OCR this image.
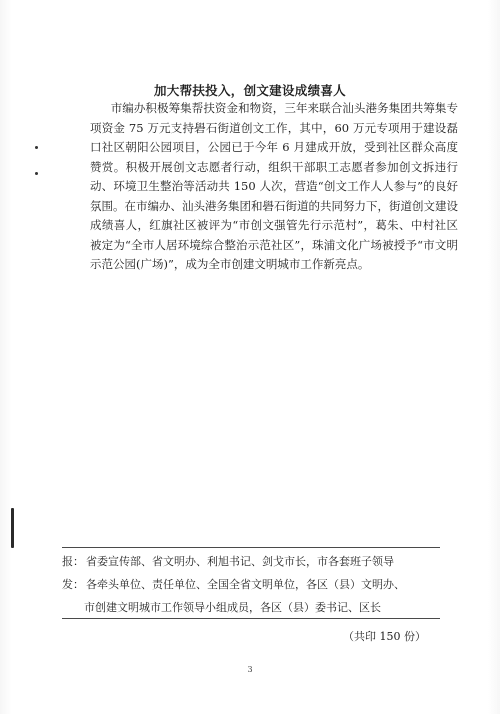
加大帮扶投入，创文建设成绩喜人

市编办积极筹集帮扶资金和物资，三年来联合汕头港务集团共筹集专项资金 75 万元支持礐石街道创文工作，其中，60 万元专项用于建设磊口社区朝阳公园项目，公园已于今年 6 月建成开放，受到社区群众高度赞赏。积极开展创文志愿者行动，组织干部职工志愿者参加创文拆违行动、环境卫生整治等活动共 150 人次，营造“创文工作人人参与”的良好氛围。在市编办、汕头港务集团和礐石街道的共同努力下，街道创文建设成绩喜人，红旗社区被评为“市创文强管先行示范村”，葛朱、中村社区被定为“全市人居环境综合整治示范社区”，珠浦文化广场被授予“市文明示范公园(广场)”，成为全市创建文明城市工作新亮点。

报： 省委宣传部、省文明办、利旭书记、剑戈市长，市各套班子领导
发： 各牵头单位、责任单位、全国全省文明单位，各区（县）文明办、
市创建文明城市工作领导小组成员，各区（县）委书记、区长
（共印 150 份）
3
